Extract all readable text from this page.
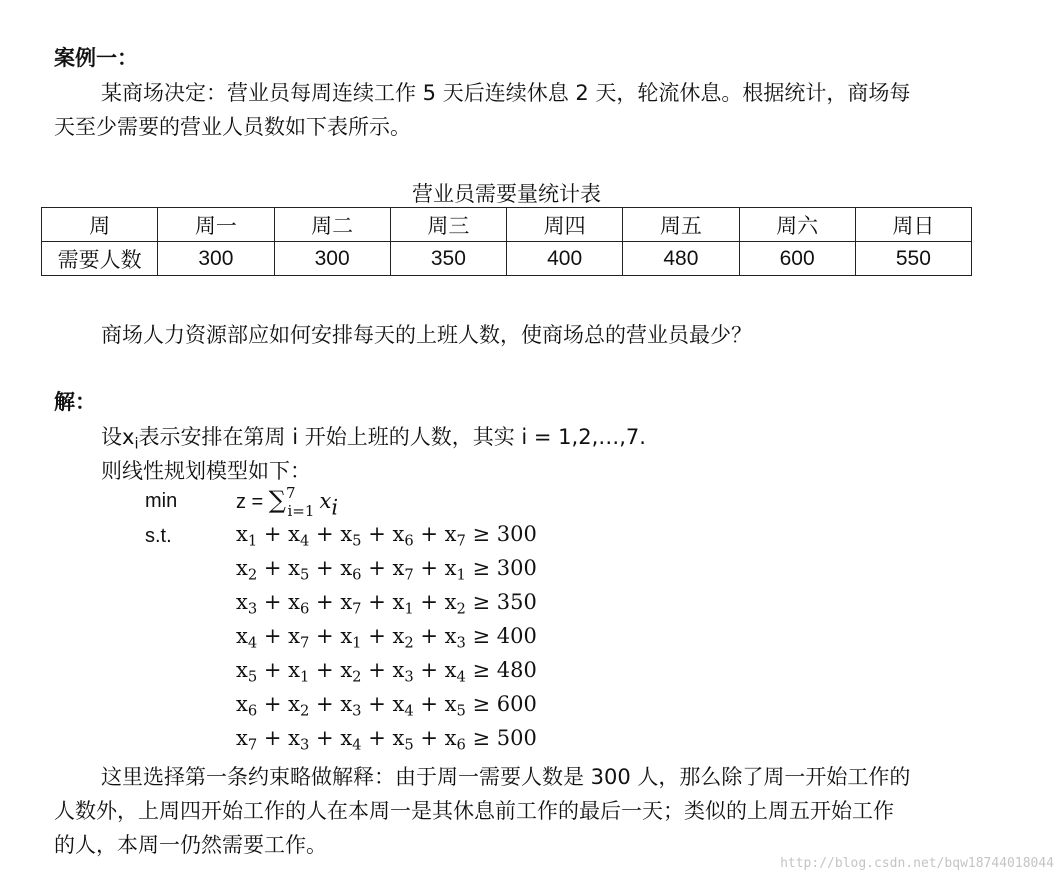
案例一：
某商场决定：营业员每周连续工作 5 天后连续休息 2 天，轮流休息。根据统计，商场每
天至少需要的营业人员数如下表所示。
营业员需要量统计表
周	周一	周二	周三	周四	周五	周六	周日
需要人数	300	300	350	400	480	600	550
商场人力资源部应如何安排每天的上班人数，使商场总的营业员最少？
解：
设$x_i$表示安排在第周 i 开始上班的人数，其实 i = 1,2,…,7.
则线性规划模型如下：
min	z = ∑7i=1 $x_i$
s.t.	$x_1 + x_4 + x_5 + x_6 + x_7 \ge 300$
$x_2 + x_5 + x_6 + x_7 + x_1 \ge 300$
$x_3 + x_6 + x_7 + x_1 + x_2 \ge 350$
$x_4 + x_7 + x_1 + x_2 + x_3 \ge 400$
$x_5 + x_1 + x_2 + x_3 + x_4 \ge 480$
$x_6 + x_2 + x_3 + x_4 + x_5 \ge 600$
$x_7 + x_3 + x_4 + x_5 + x_6 \ge 500$
这里选择第一条约束略做解释：由于周一需要人数是 300 人，那么除了周一开始工作的
人数外，上周四开始工作的人在本周一是其休息前工作的最后一天；类似的上周五开始工作
的人，本周一仍然需要工作。
http://blog.csdn.net/bqw18744018044
